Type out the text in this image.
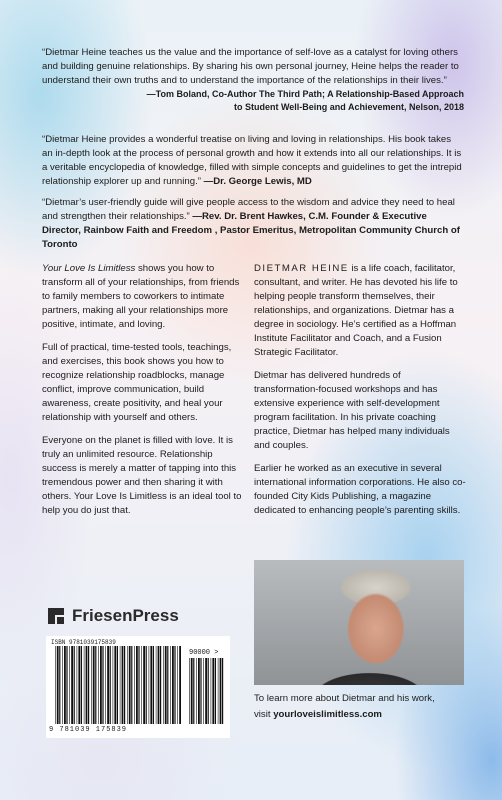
“Dietmar Heine teaches us the value and the importance of self-love as a catalyst for loving others and building genuine relationships. By sharing his own personal journey, Heine helps the reader to understand their own truths and to understand the importance of the relationships in their lives.”
—Tom Boland, Co-Author The Third Path; A Relationship-Based Approach
to Student Well-Being and Achievement, Nelson, 2018
“Dietmar Heine provides a wonderful treatise on living and loving in relationships. His book takes an in-depth look at the process of personal growth and how it extends into all our relationships. It is a veritable encyclopedia of knowledge, filled with simple concepts and guidelines to get the intrepid relationship explorer up and running.” —Dr. George Lewis, MD
“Dietmar’s user-friendly guide will give people access to the wisdom and advice they need to heal and strengthen their relationships.” —Rev. Dr. Brent Hawkes, C.M. Founder & Executive Director, Rainbow Faith and Freedom , Pastor Emeritus, Metropolitan Community Church of Toronto

Your Love Is Limitless shows you how to transform all of your relationships, from friends to family members to coworkers to intimate partners, making all your relationships more positive, intimate, and loving.

Full of practical, time-tested tools, teachings, and exercises, this book shows you how to recognize relationship roadblocks, manage conflict, improve communication, build awareness, create positivity, and heal your relationship with yourself and others.

Everyone on the planet is filled with love. It is truly an unlimited resource. Relationship success is merely a matter of tapping into this tremendous power and then sharing it with others. Your Love Is Limitless is an ideal tool to help you do just that.

DIETMAR HEINE is a life coach, facilitator, consultant, and writer. He has devoted his life to helping people transform themselves, their relationships, and organizations. Dietmar has a degree in sociology. He’s certified as a Hoffman Institute Facilitator and Coach, and a Fusion Strategic Facilitator.

Dietmar has delivered hundreds of transformation-focused workshops and has extensive experience with self-development program facilitation. In his private coaching practice, Dietmar has helped many individuals and couples.

Earlier he worked as an executive in several international information corporations. He also co-founded City Kids Publishing, a magazine dedicated to enhancing people’s parenting skills.

FriesenPress
ISBN 9781039175839
90000 >
9 781039 175839
To learn more about Dietmar and his work,
visit yourloveislimitless.com
